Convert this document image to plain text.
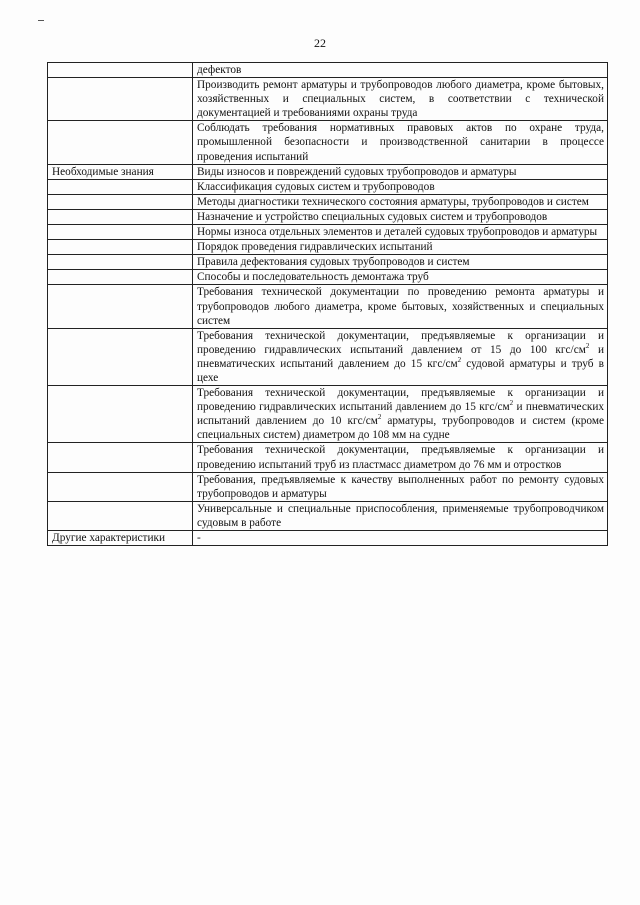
22
	дефектов
	Производить ремонт арматуры и трубопроводов любого диаметра, кроме бытовых, хозяйственных и специальных систем, в соответствии с технической документацией и требованиями охраны труда
	Соблюдать требования нормативных правовых актов по охране труда, промышленной безопасности и производственной санитарии в процессе проведения испытаний
Необходимые знания	Виды износов и повреждений судовых трубопроводов и арматуры
	Классификация судовых систем и трубопроводов
	Методы диагностики технического состояния арматуры, трубопроводов и систем
	Назначение и устройство специальных судовых систем и трубопроводов
	Нормы износа отдельных элементов и деталей судовых трубопроводов и арматуры
	Порядок проведения гидравлических испытаний
	Правила дефектования судовых трубопроводов и систем
	Способы и последовательность демонтажа труб
	Требования технической документации по проведению ремонта арматуры и трубопроводов любого диаметра, кроме бытовых, хозяйственных и специальных систем
	Требования технической документации, предъявляемые к организации и проведению гидравлических испытаний давлением от 15 до 100 кгс/$см^2$ и пневматических испытаний давлением до 15 кгс/$см^2$ судовой арматуры и труб в цехе
	Требования технической документации, предъявляемые к организации и проведению гидравлических испытаний давлением до 15 кгс/$см^2$ и пневматических испытаний давлением до 10 кгс/$см^2$ арматуры, трубопроводов и систем (кроме специальных систем) диаметром до 108 мм на судне
	Требования технической документации, предъявляемые к организации и проведению испытаний труб из пластмасс диаметром до 76 мм и отростков
	Требования, предъявляемые к качеству выполненных работ по ремонту судовых трубопроводов и арматуры
	Универсальные и специальные приспособления, применяемые трубопроводчиком судовым в работе
Другие характеристики	-
